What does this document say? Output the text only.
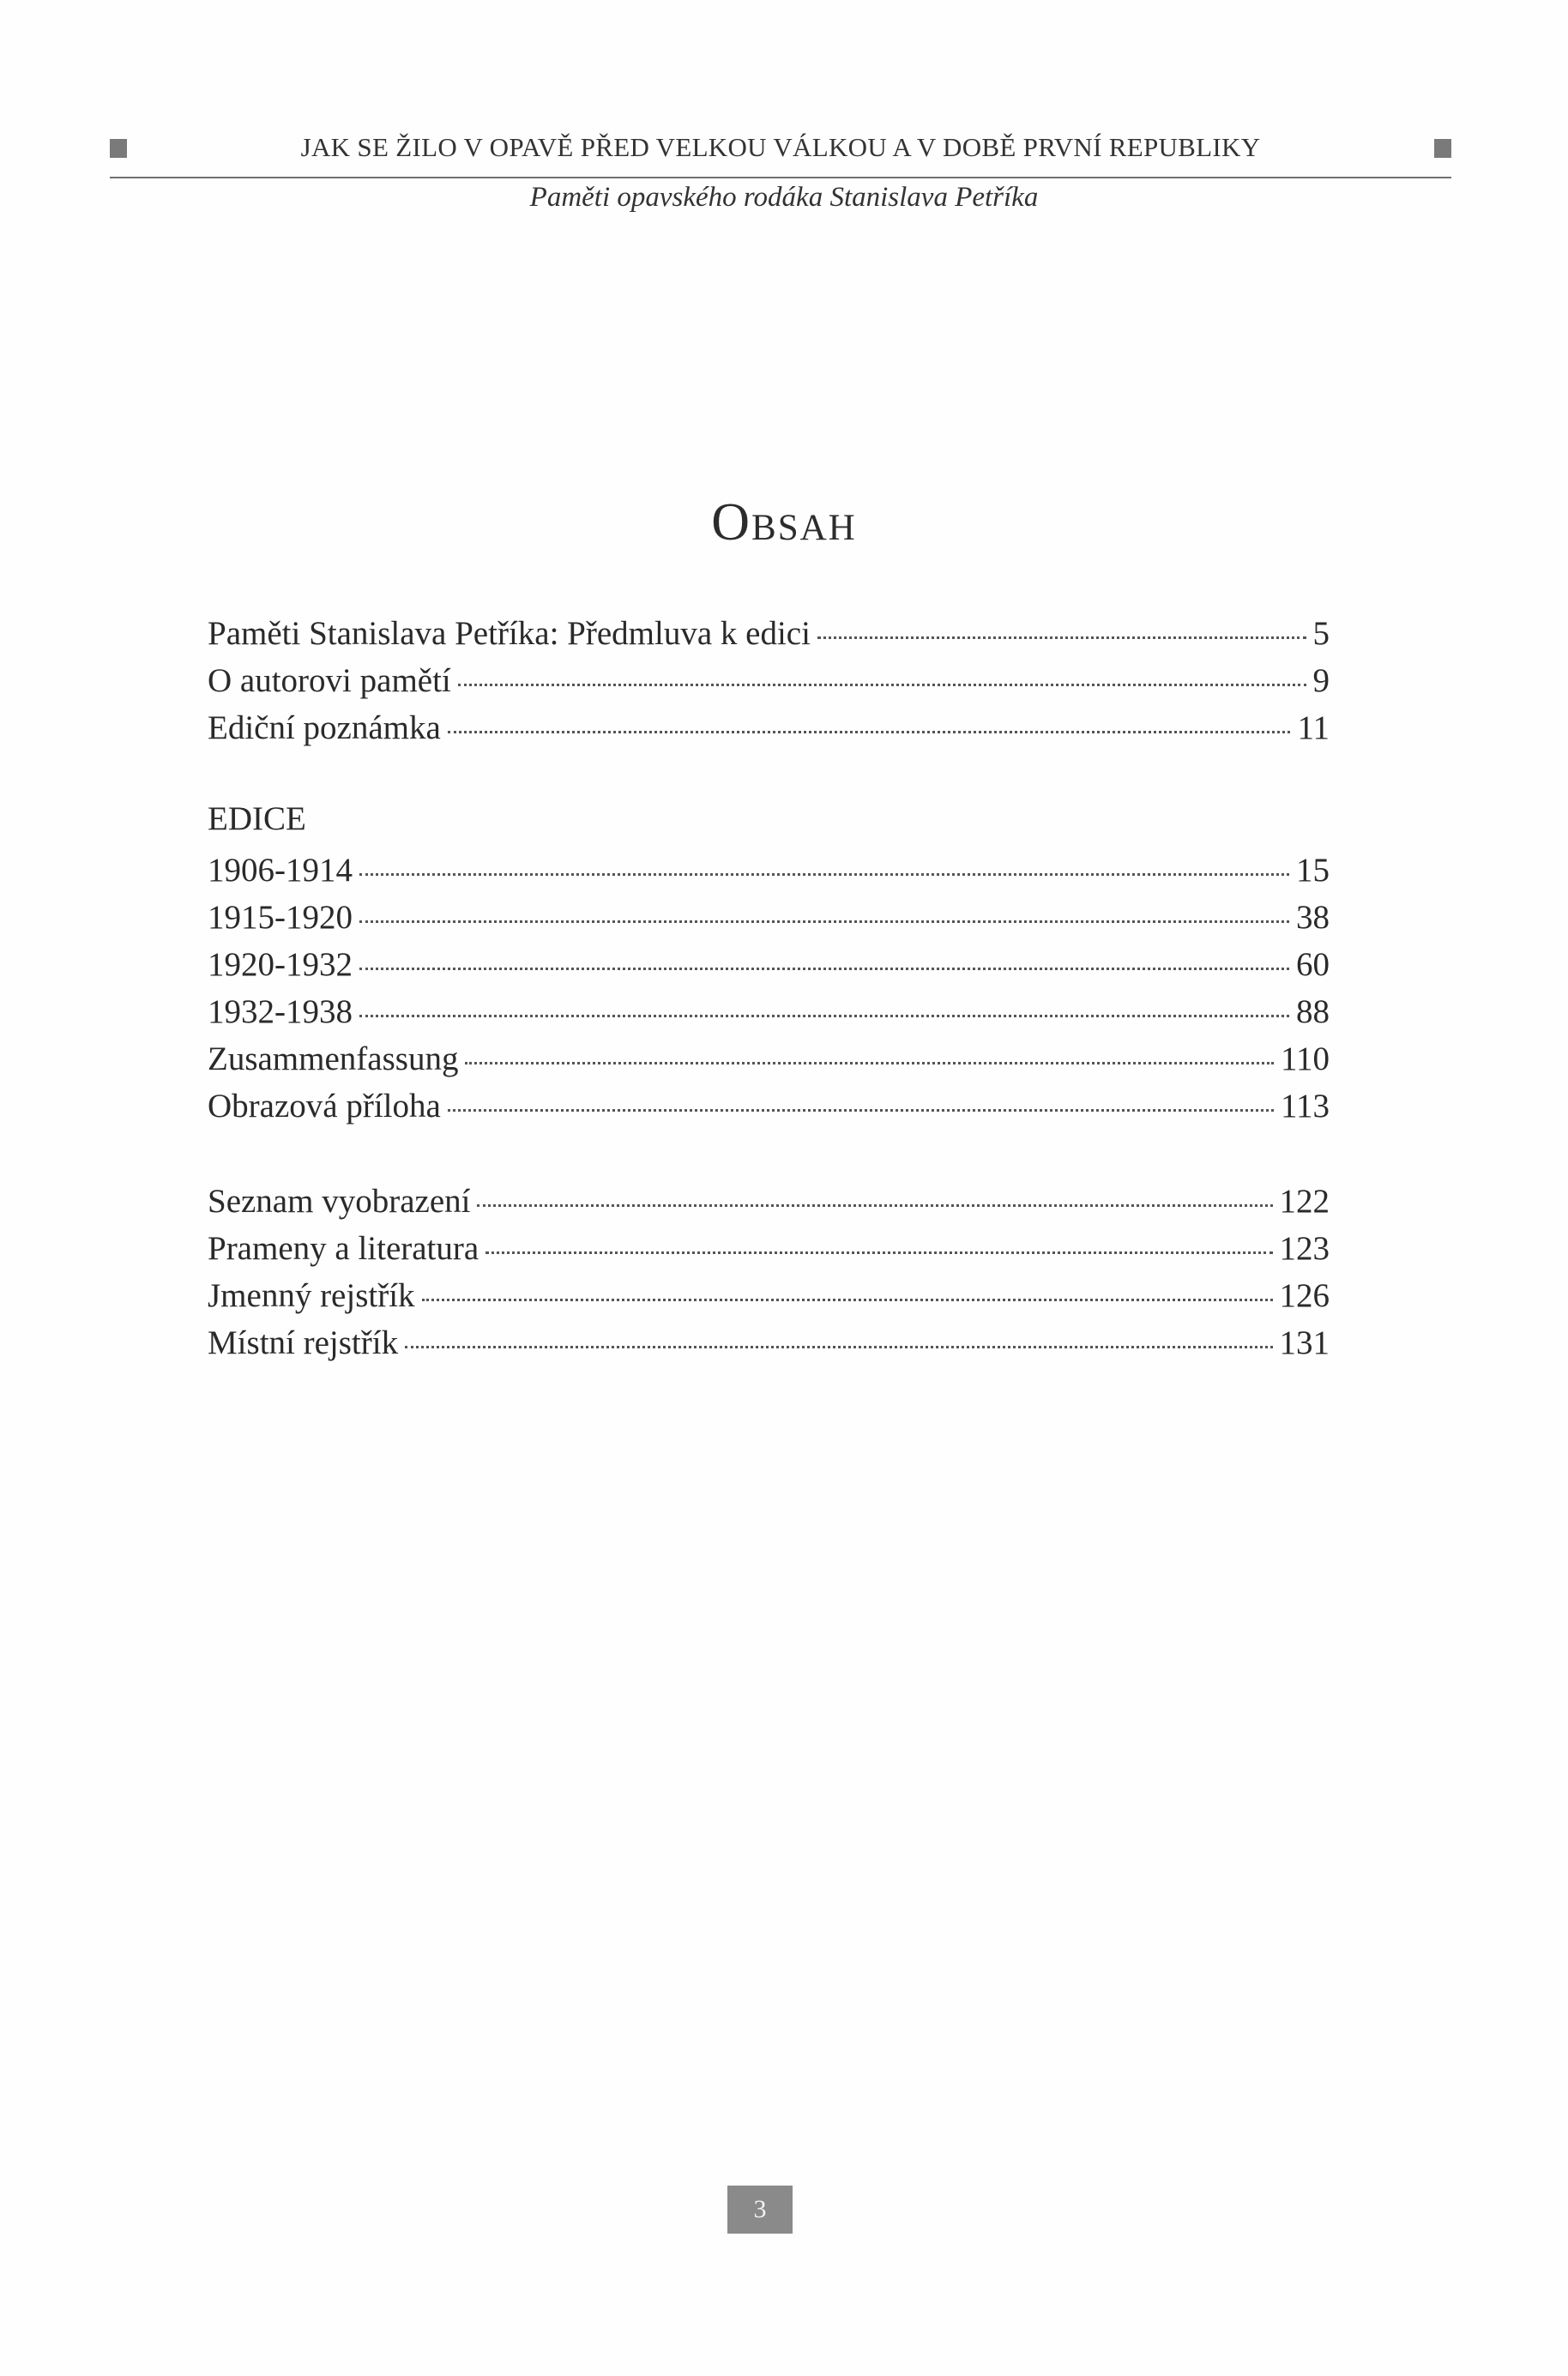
JAK SE ŽILO V OPAVĚ PŘED VELKOU VÁLKOU A V DOBĚ PRVNÍ REPUBLIKY
Paměti opavského rodáka Stanislava Petříka
Obsah
Paměti Stanislava Petříka: Předmluva k edici	5
O autorovi pamětí	9
Ediční poznámka	11
EDICE
1906-1914	15
1915-1920	38
1920-1932	60
1932-1938	88
Zusammenfassung	110
Obrazová příloha	113
Seznam vyobrazení	122
Prameny a literatura	123
Jmenný rejstřík	126
Místní rejstřík	131
3
